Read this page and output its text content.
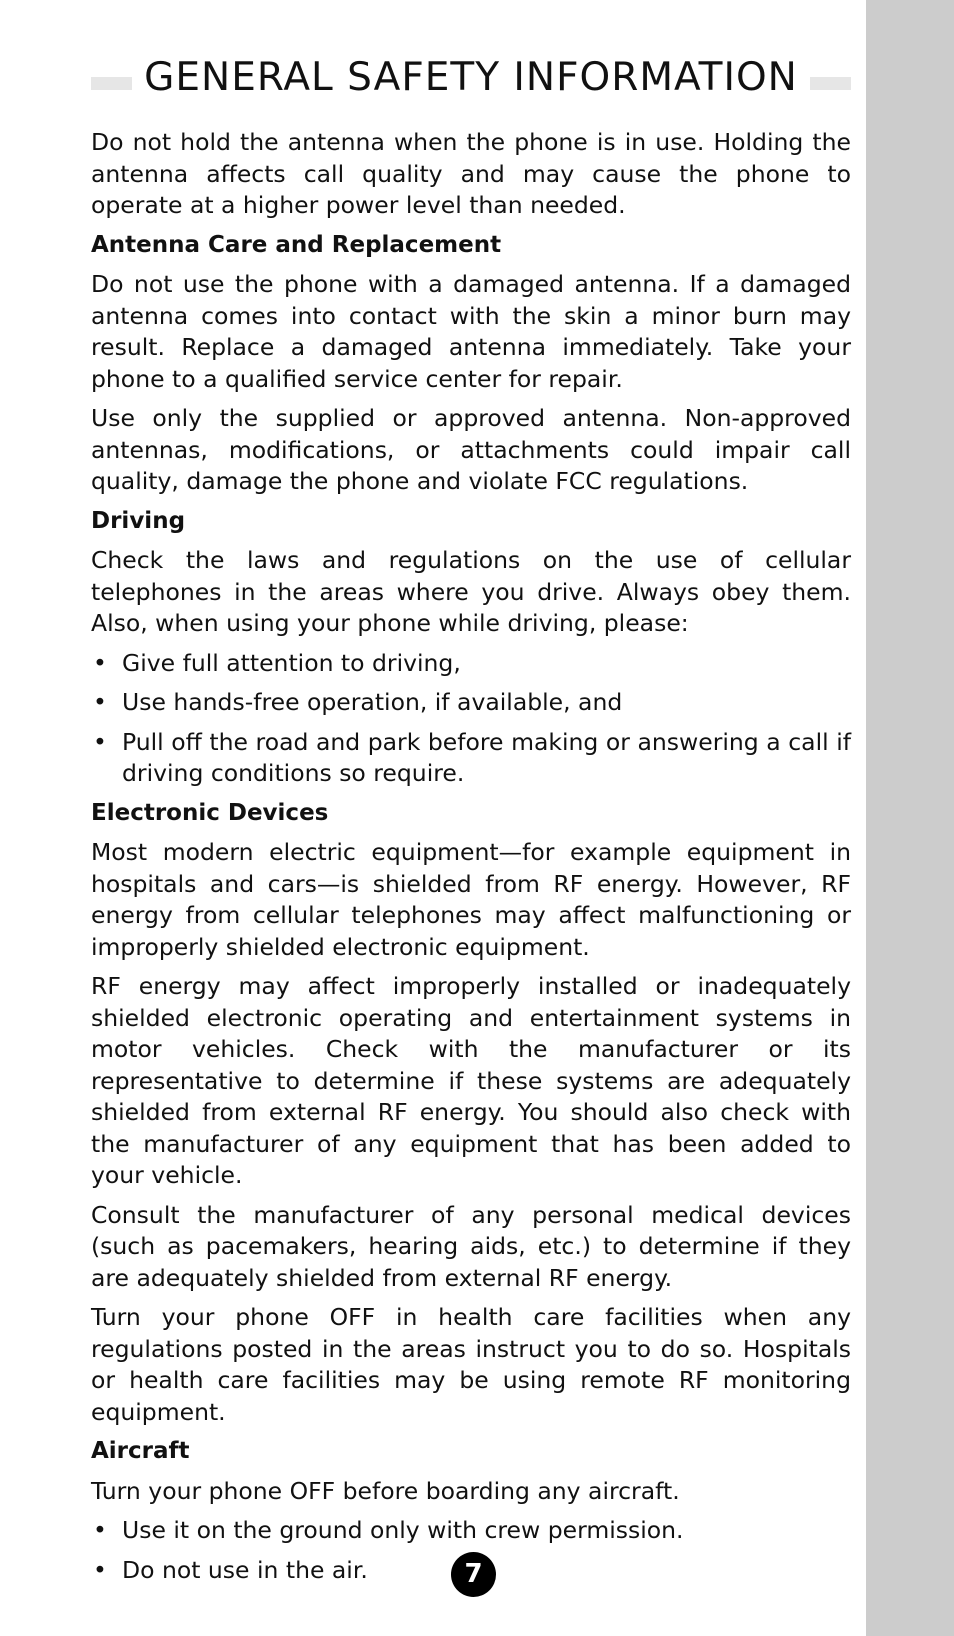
GENERAL SAFETY INFORMATION

Do not hold the antenna when the phone is in use. Holding the antenna affects call quality and may cause the phone to operate at a higher power level than needed.

Antenna Care and Replacement

Do not use the phone with a damaged antenna. If a damaged antenna comes into contact with the skin a minor burn may result. Replace a damaged antenna immediately. Take your phone to a qualified service center for repair.

Use only the supplied or approved antenna. Non-approved antennas, modifications, or attachments could impair call quality, damage the phone and violate FCC regulations.

Driving

Check the laws and regulations on the use of cellular telephones in the areas where you drive. Always obey them. Also, when using your phone while driving, please:

• Give full attention to driving,
• Use hands-free operation, if available, and
• Pull off the road and park before making or answering a call if driving conditions so require.
Electronic Devices

Most modern electric equipment—for example equipment in hospitals and cars—is shielded from RF energy. However, RF energy from cellular telephones may affect malfunctioning or improperly shielded electronic equipment.

RF energy may affect improperly installed or inadequately shielded electronic operating and entertainment systems in motor vehicles. Check with the manufacturer or its representative to determine if these systems are adequately shielded from external RF energy. You should also check with the manufacturer of any equipment that has been added to your vehicle.

Consult the manufacturer of any personal medical devices (such as pacemakers, hearing aids, etc.) to determine if they are adequately shielded from external RF energy.

Turn your phone OFF in health care facilities when any regulations posted in the areas instruct you to do so. Hospitals or health care facilities may be using remote RF monitoring equipment.

Aircraft

Turn your phone OFF before boarding any aircraft.

• Use it on the ground only with crew permission.
• Do not use in the air.	7
